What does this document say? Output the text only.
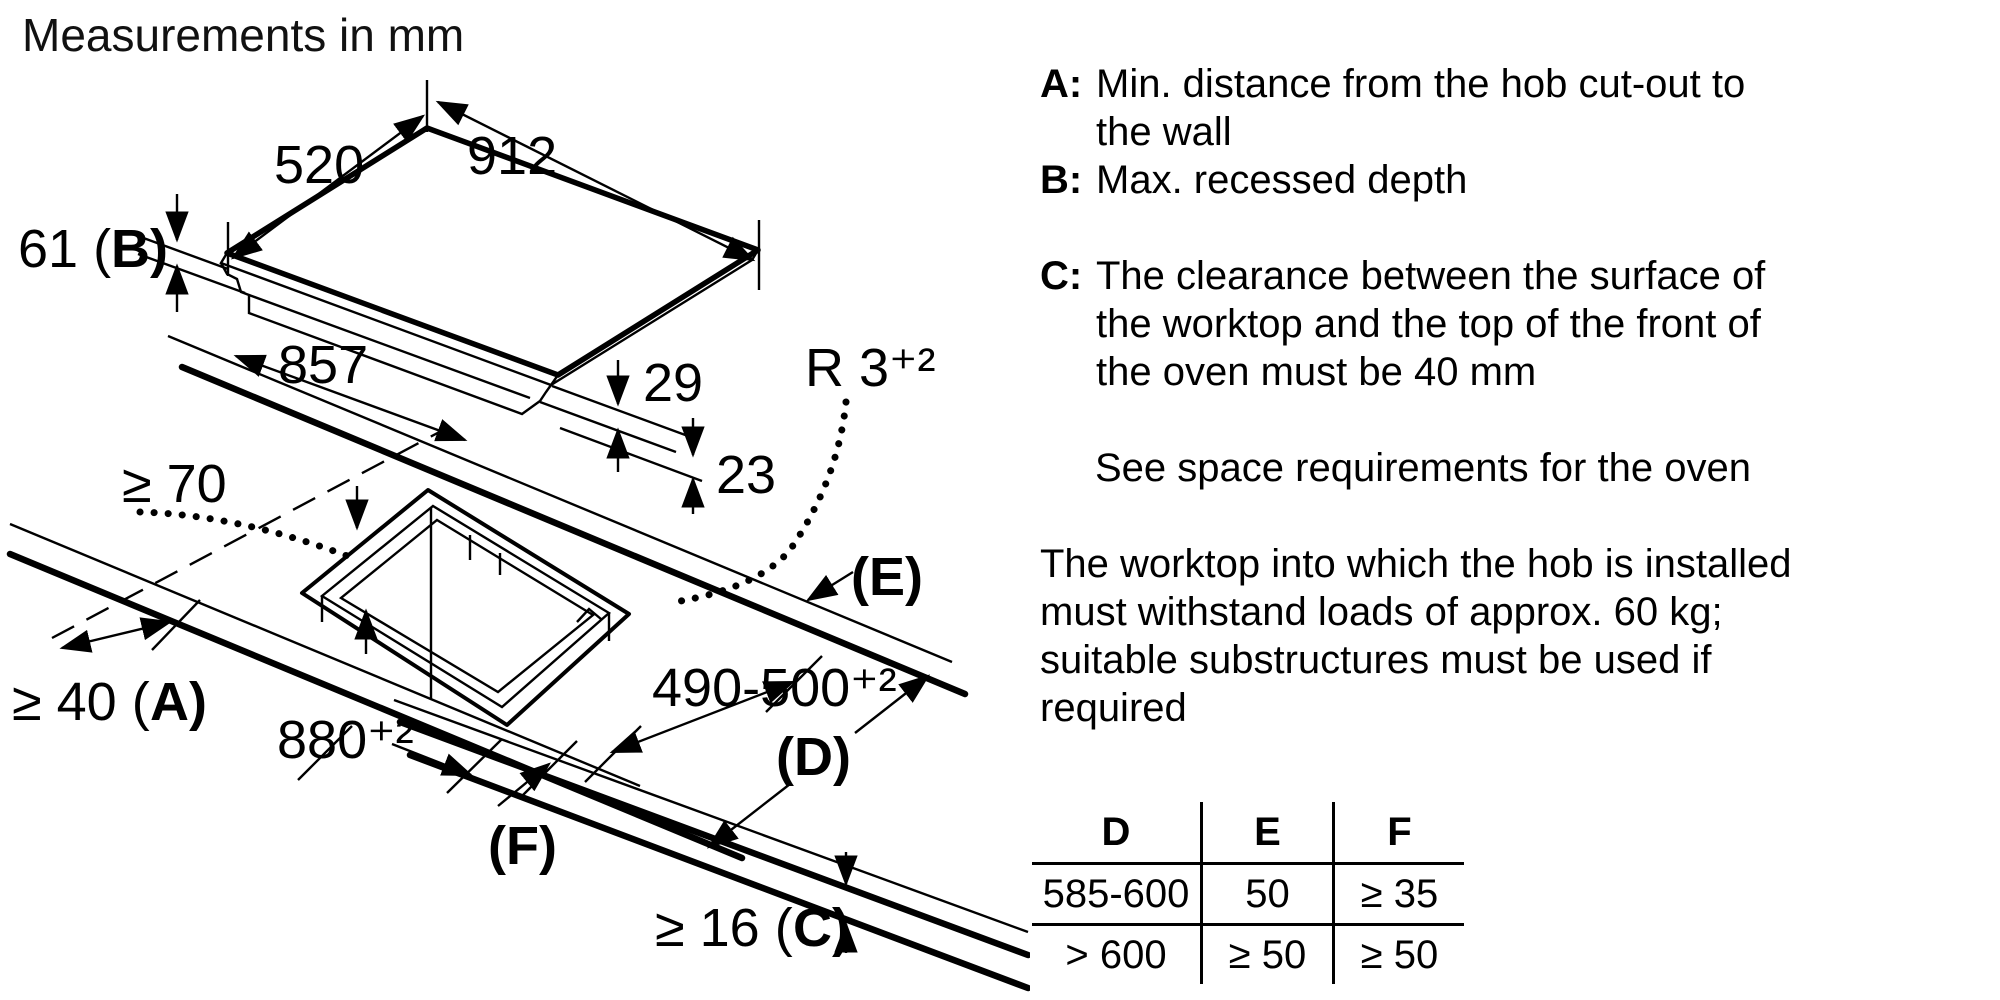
Measurements in mm
520 912
61 ( B)
857	29
23
R 3⁺²
≥ 70
≥ 40 ( A)
880⁺²
490-500⁺²
(E)
(D)
(F)
≥ 16 ( C)
A: Min. distance from the hob cut-out to
the wall
B: Max. recessed depth
C: The clearance between the surface of
the worktop and the top of the front of
the oven must be 40 mm
See space requirements for the oven
The worktop into which the hob is installed
must withstand loads of approx. 60 kg;
suitable substructures must be used if
required
D	E	F
585-600	50	≥ 35
> 600	≥ 50	≥ 50
